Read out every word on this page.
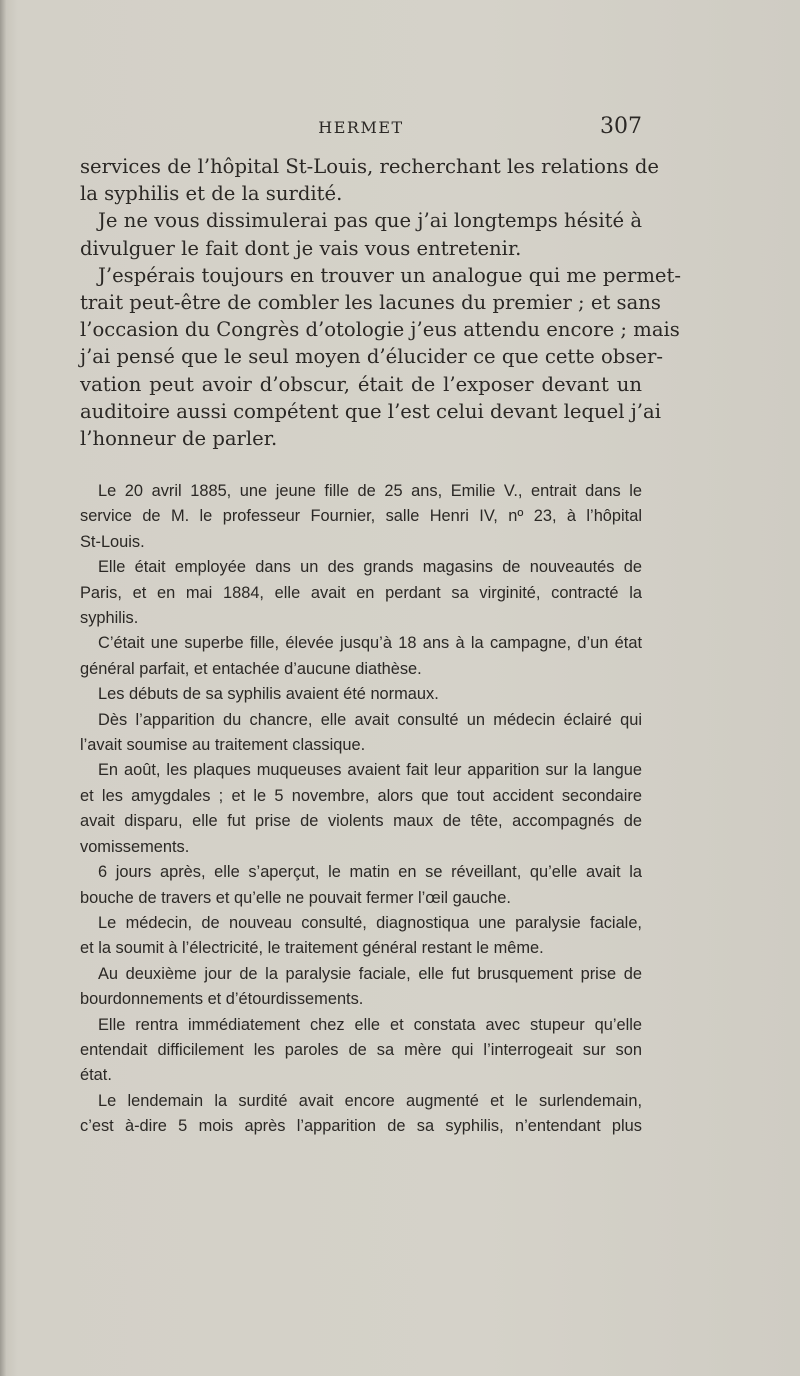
HERMET	307
services de l’hôpital St-Louis, recherchant les relations de
la syphilis et de la surdité.
Je ne vous dissimulerai pas que j’ai longtemps hésité à
divulguer le fait dont je vais vous entretenir.
J’espérais toujours en trouver un analogue qui me permet-
trait peut-être de combler les lacunes du premier ; et sans
l’occasion du Congrès d’otologie j’eus attendu encore ; mais
j’ai pensé que le seul moyen d’élucider ce que cette obser-
vation peut avoir d’obscur, était de l’exposer devant un
auditoire aussi compétent que l’est celui devant lequel j’ai
l’honneur de parler.
Le 20 avril 1885, une jeune fille de 25 ans, Emilie V., entrait dans le
service de M. le professeur Fournier, salle Henri IV, nº 23, à l’hôpital
St-Louis.
Elle était employée dans un des grands magasins de nouveautés de
Paris, et en mai 1884, elle avait en perdant sa virginité, contracté la
syphilis.
C’était une superbe fille, élevée jusqu’à 18 ans à la campagne, d’un état
général parfait, et entachée d’aucune diathèse.
Les débuts de sa syphilis avaient été normaux.
Dès l’apparition du chancre, elle avait consulté un médecin éclairé qui
l’avait soumise au traitement classique.
En août, les plaques muqueuses avaient fait leur apparition sur la langue
et les amygdales ; et le 5 novembre, alors que tout accident secondaire
avait disparu, elle fut prise de violents maux de tête, accompagnés de
vomissements.
6 jours après, elle s’aperçut, le matin en se réveillant, qu’elle avait la
bouche de travers et qu’elle ne pouvait fermer l’œil gauche.
Le médecin, de nouveau consulté, diagnostiqua une paralysie faciale,
et la soumit à l’électricité, le traitement général restant le même.
Au deuxième jour de la paralysie faciale, elle fut brusquement prise de
bourdonnements et d’étourdissements.
Elle rentra immédiatement chez elle et constata avec stupeur qu’elle
entendait difficilement les paroles de sa mère qui l’interrogeait sur son
état.
Le lendemain la surdité avait encore augmenté et le surlendemain,
c’est à-dire 5 mois après l’apparition de sa syphilis, n’entendant plus
